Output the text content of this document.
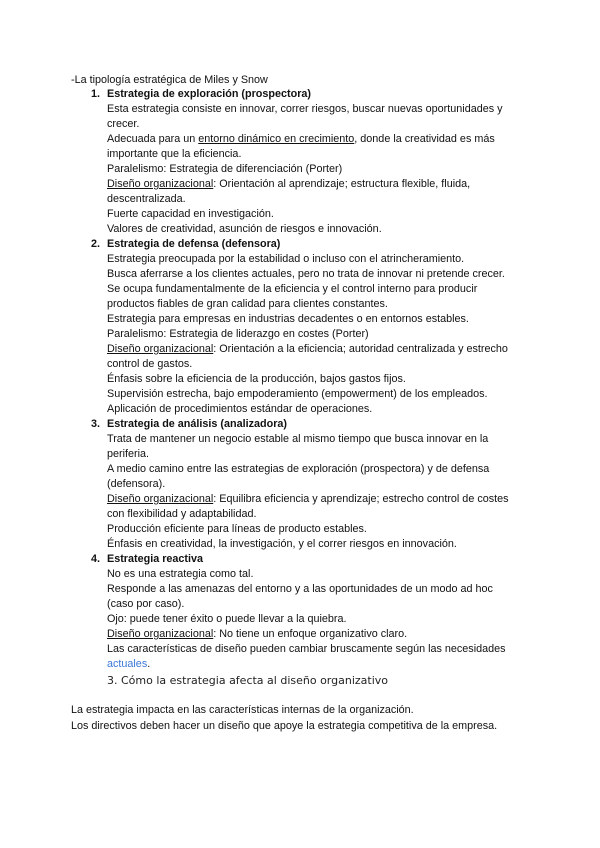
-La tipología estratégica de Miles y Snow
1. Estrategia de exploración (prospectora)
Esta estrategia consiste en innovar, correr riesgos, buscar nuevas oportunidades y
crecer.
Adecuada para un entorno dinámico en crecimiento, donde la creatividad es más
importante que la eficiencia.
Paralelismo: Estrategia de diferenciación (Porter)
Diseño organizacional: Orientación al aprendizaje; estructura flexible, fluida,
descentralizada.
Fuerte capacidad en investigación.
Valores de creatividad, asunción de riesgos e innovación.
2. Estrategia de defensa (defensora)
Estrategia preocupada por la estabilidad o incluso con el atrincheramiento.
Busca aferrarse a los clientes actuales, pero no trata de innovar ni pretende crecer.
Se ocupa fundamentalmente de la eficiencia y el control interno para producir
productos fiables de gran calidad para clientes constantes.
Estrategia para empresas en industrias decadentes o en entornos estables.
Paralelismo: Estrategia de liderazgo en costes (Porter)
Diseño organizacional: Orientación a la eficiencia; autoridad centralizada y estrecho
control de gastos.
Énfasis sobre la eficiencia de la producción, bajos gastos fijos.
Supervisión estrecha, bajo empoderamiento (empowerment) de los empleados.
Aplicación de procedimientos estándar de operaciones.
3. Estrategia de análisis (analizadora)
Trata de mantener un negocio estable al mismo tiempo que busca innovar en la
periferia.
A medio camino entre las estrategias de exploración (prospectora) y de defensa
(defensora).
Diseño organizacional: Equilibra eficiencia y aprendizaje; estrecho control de costes
con flexibilidad y adaptabilidad.
Producción eficiente para líneas de producto estables.
Énfasis en creatividad, la investigación, y el correr riesgos en innovación.
4. Estrategia reactiva
No es una estrategia como tal.
Responde a las amenazas del entorno y a las oportunidades de un modo ad hoc
(caso por caso).
Ojo: puede tener éxito o puede llevar a la quiebra.
Diseño organizacional: No tiene un enfoque organizativo claro.
Las características de diseño pueden cambiar bruscamente según las necesidades
actuales.
3. Cómo la estrategia afecta al diseño organizativo
La estrategia impacta en las características internas de la organización.
Los directivos deben hacer un diseño que apoye la estrategia competitiva de la empresa.
